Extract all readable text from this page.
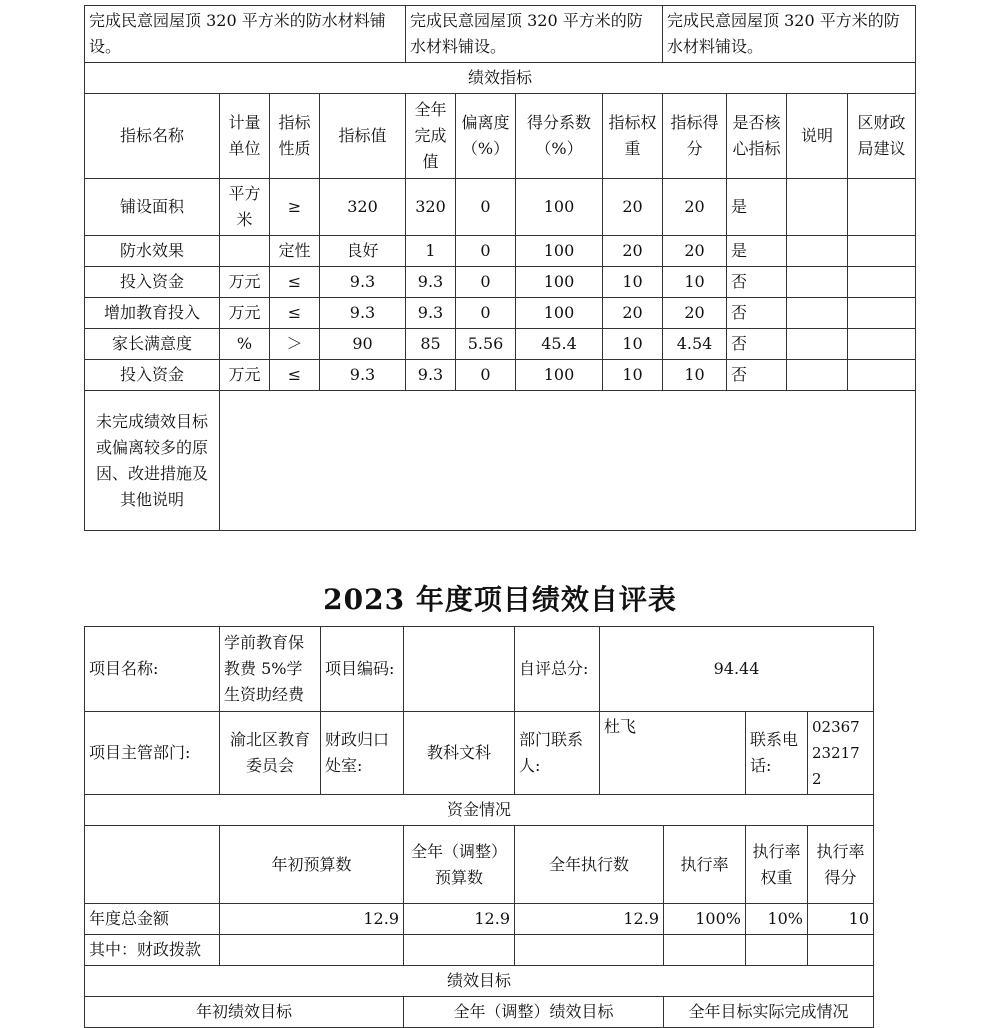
完成民意园屋顶 320 平方米的防水材料铺设。				完成民意园屋顶 320 平方米的防水材料铺设。				完成民意园屋顶 320 平方米的防水材料铺设。			
绩效指标											
指标名称	计量单位	指标性质	指标值	全年完成值	偏离度（%）	得分系数（%）	指标权重	指标得分	是否核心指标	说明	区财政局建议
铺设面积	平方米	≥	320	320	0	100	20	20	是		
防水效果		定性	良好	1	0	100	20	20	是		
投入资金	万元	≤	9.3	9.3	0	100	10	10	否		
增加教育投入	万元	≤	9.3	9.3	0	100	20	20	否		
家长满意度	%	＞	90	85	5.56	45.4	10	4.54	否		
投入资金	万元	≤	9.3	9.3	0	100	10	10	否		
未完成绩效目标或偏离较多的原因、改进措施及其他说明											
2023 年度项目绩效自评表
项目名称:	学前教育保教费 5%学生资助经费	项目编码:		自评总分:	94.44			
项目主管部门:	渝北区教育委员会	财政归口处室:	教科文科	部门联系人:	杜飞		联系电话:	02367232172
资金情况								
	年初预算数		全年（调整）预算数	全年执行数		执行率	执行率权重	执行率得分
年度总金额	12.9		12.9	12.9		100%	10%	10
其中：财政拨款								
绩效目标								
年初绩效目标			全年（调整）绩效目标			全年目标实际完成情况		
